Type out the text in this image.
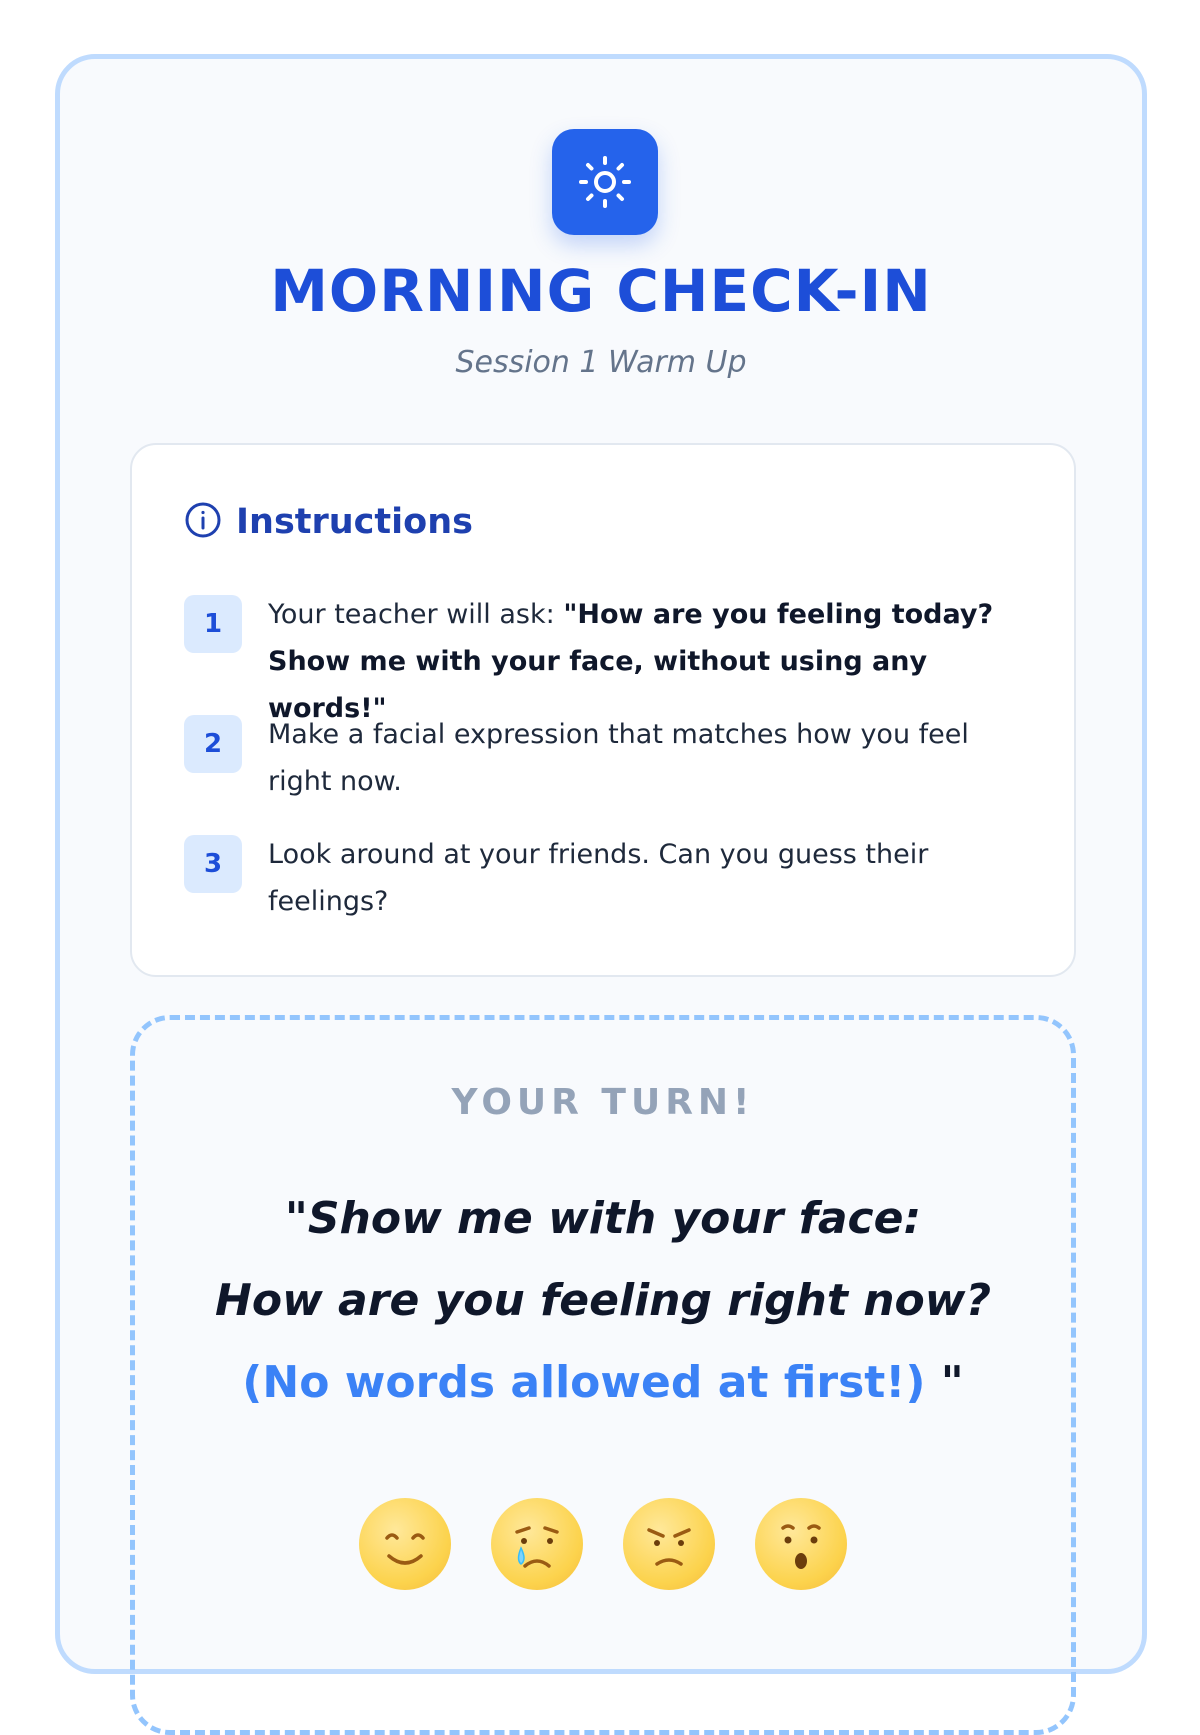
MORNING CHECK-IN
Session 1 Warm Up
Instructions
1	Your teacher will ask: "How are you feeling today? Show me with your face, without using any words!"
2	Make a facial expression that matches how you feel right now.
3	Look around at your friends. Can you guess their feelings?
YOUR TURN!
"Show me with your face:
How are you feeling right now?
(No words allowed at first!) "
